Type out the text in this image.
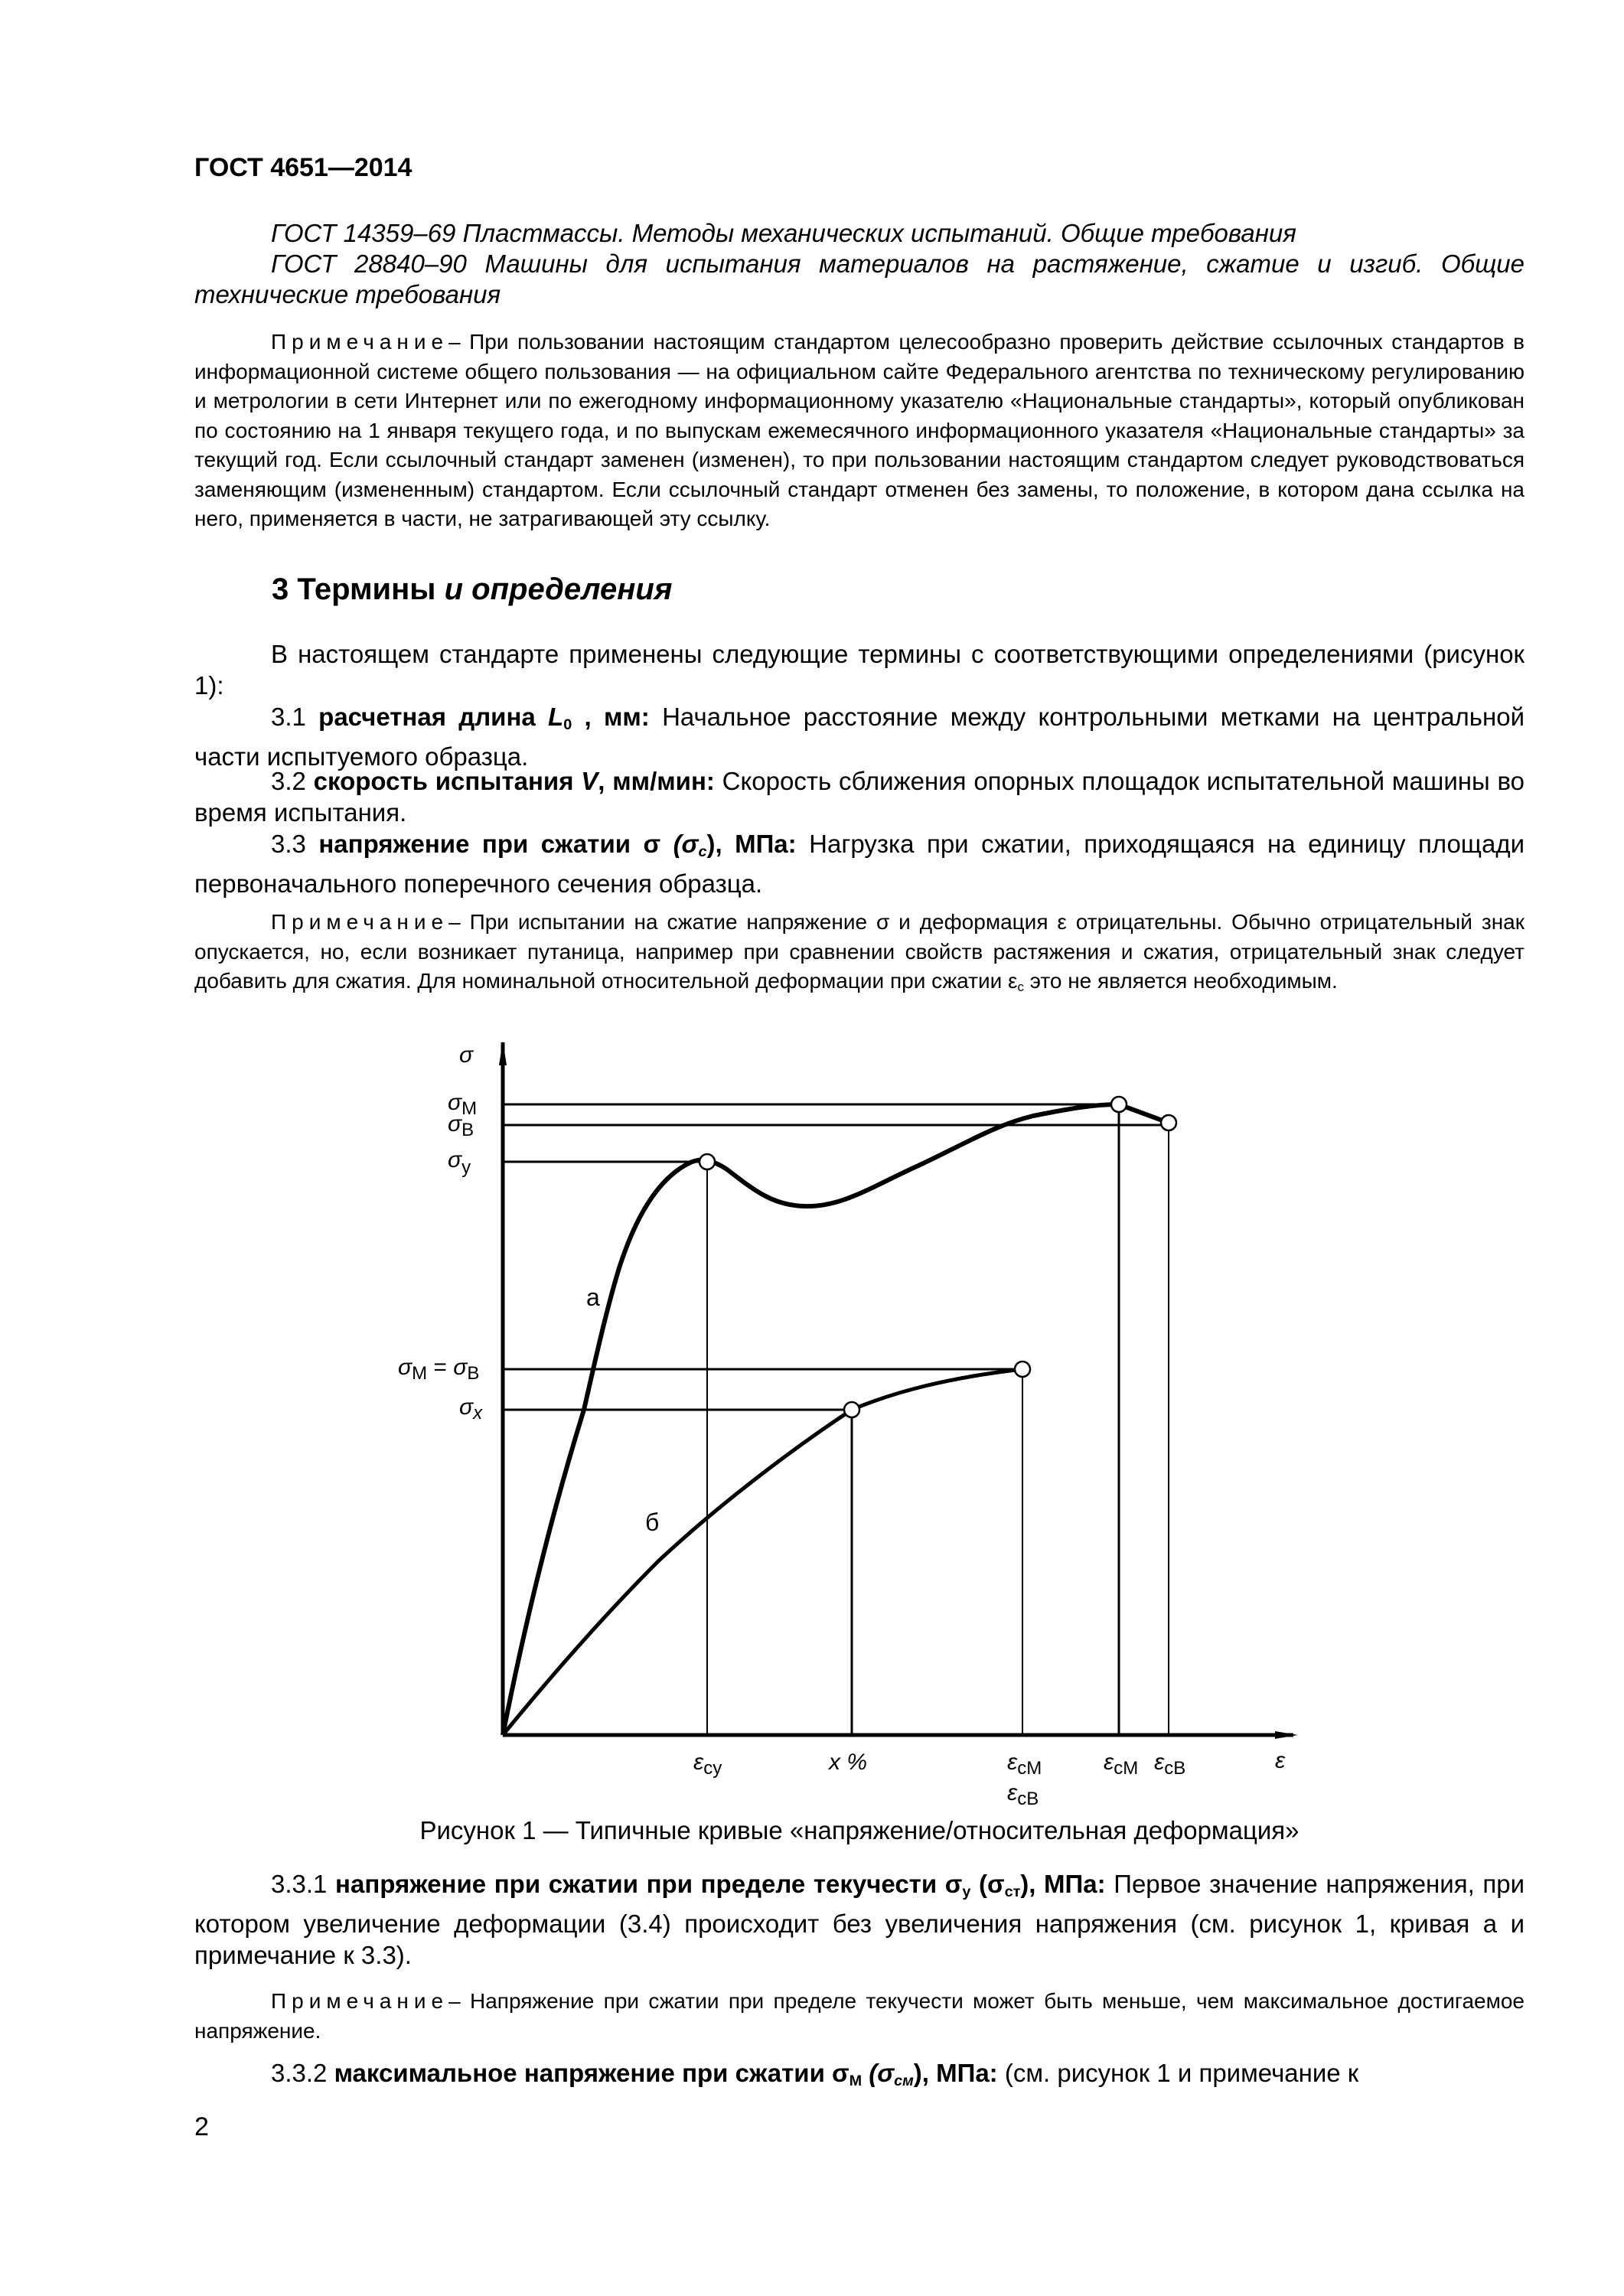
ГОСТ 4651—2014
ГОСТ 14359–69 Пластмассы. Методы механических испытаний. Общие требования
ГОСТ 28840–90 Машины для испытания материалов на растяжение, сжатие и изгиб. Общие технические требования
Примечание– При пользовании настоящим стандартом целесообразно проверить действие ссылочных стандартов в информационной системе общего пользования — на официальном сайте Федерального агентства по техническому регулированию и метрологии в сети Интернет или по ежегодному информационному указателю «Национальные стандарты», который опубликован по состоянию на 1 января текущего года, и по выпускам ежемесячного информационного указателя «Национальные стандарты» за текущий год. Если ссылочный стандарт заменен (изменен), то при пользовании настоящим стандартом следует руководствоваться заменяющим (измененным) стандартом. Если ссылочный стандарт отменен без замены, то положение, в котором дана ссылка на него, применяется в части, не затрагивающей эту ссылку.
3 Термины и определения
В настоящем стандарте применены следующие термины с соответствующими определениями (рисунок 1):
3.1 расчетная длина $L_0$ , мм: Начальное расстояние между контрольными метками на центральной части испытуемого образца.
3.2 скорость испытания V, мм/мин: Скорость сближения опорных площадок испытательной машины во время испытания.
3.3 напряжение при сжатии σ $(\sigma_c)$, МПа: Нагрузка при сжатии, приходящаяся на единицу площади первоначального поперечного сечения образца.
Примечание– При испытании на сжатие напряжение σ и деформация ε отрицательны. Обычно отрицательный знак опускается, но, если возникает путаница, например при сравнении свойств растяжения и сжатия, отрицательный знак следует добавить для сжатия. Для номинальной относительной деформации при сжатии $\varepsilon_c$ это не является необходимым.
σ
$\sigma_М$
$\sigma_В$
$\sigma_y$
$\sigma_М = \sigma_В$
$\sigma_x$
а
б
$\varepsilon_{cy}$	x %	$\varepsilon_{cM}$
$\varepsilon_{cB}$
$\varepsilon_{cM}$ $\varepsilon_{cB}$	ε
Рисунок 1 — Типичные кривые «напряжение/относительная деформация»
3.3.1 напряжение при сжатии при пределе текучести $\sigma_y$ $(\sigma_{ст})$, МПа: Первое значение напряжения, при котором увеличение деформации (3.4) происходит без увеличения напряжения (см. рисунок 1, кривая а и примечание к 3.3).
Примечание– Напряжение при сжатии при пределе текучести может быть меньше, чем максимальное достигаемое напряжение.
3.3.2 максимальное напряжение при сжатии $\sigma_М$ $(\sigma_{см})$, МПа: (см. рисунок 1 и примечание к
2
